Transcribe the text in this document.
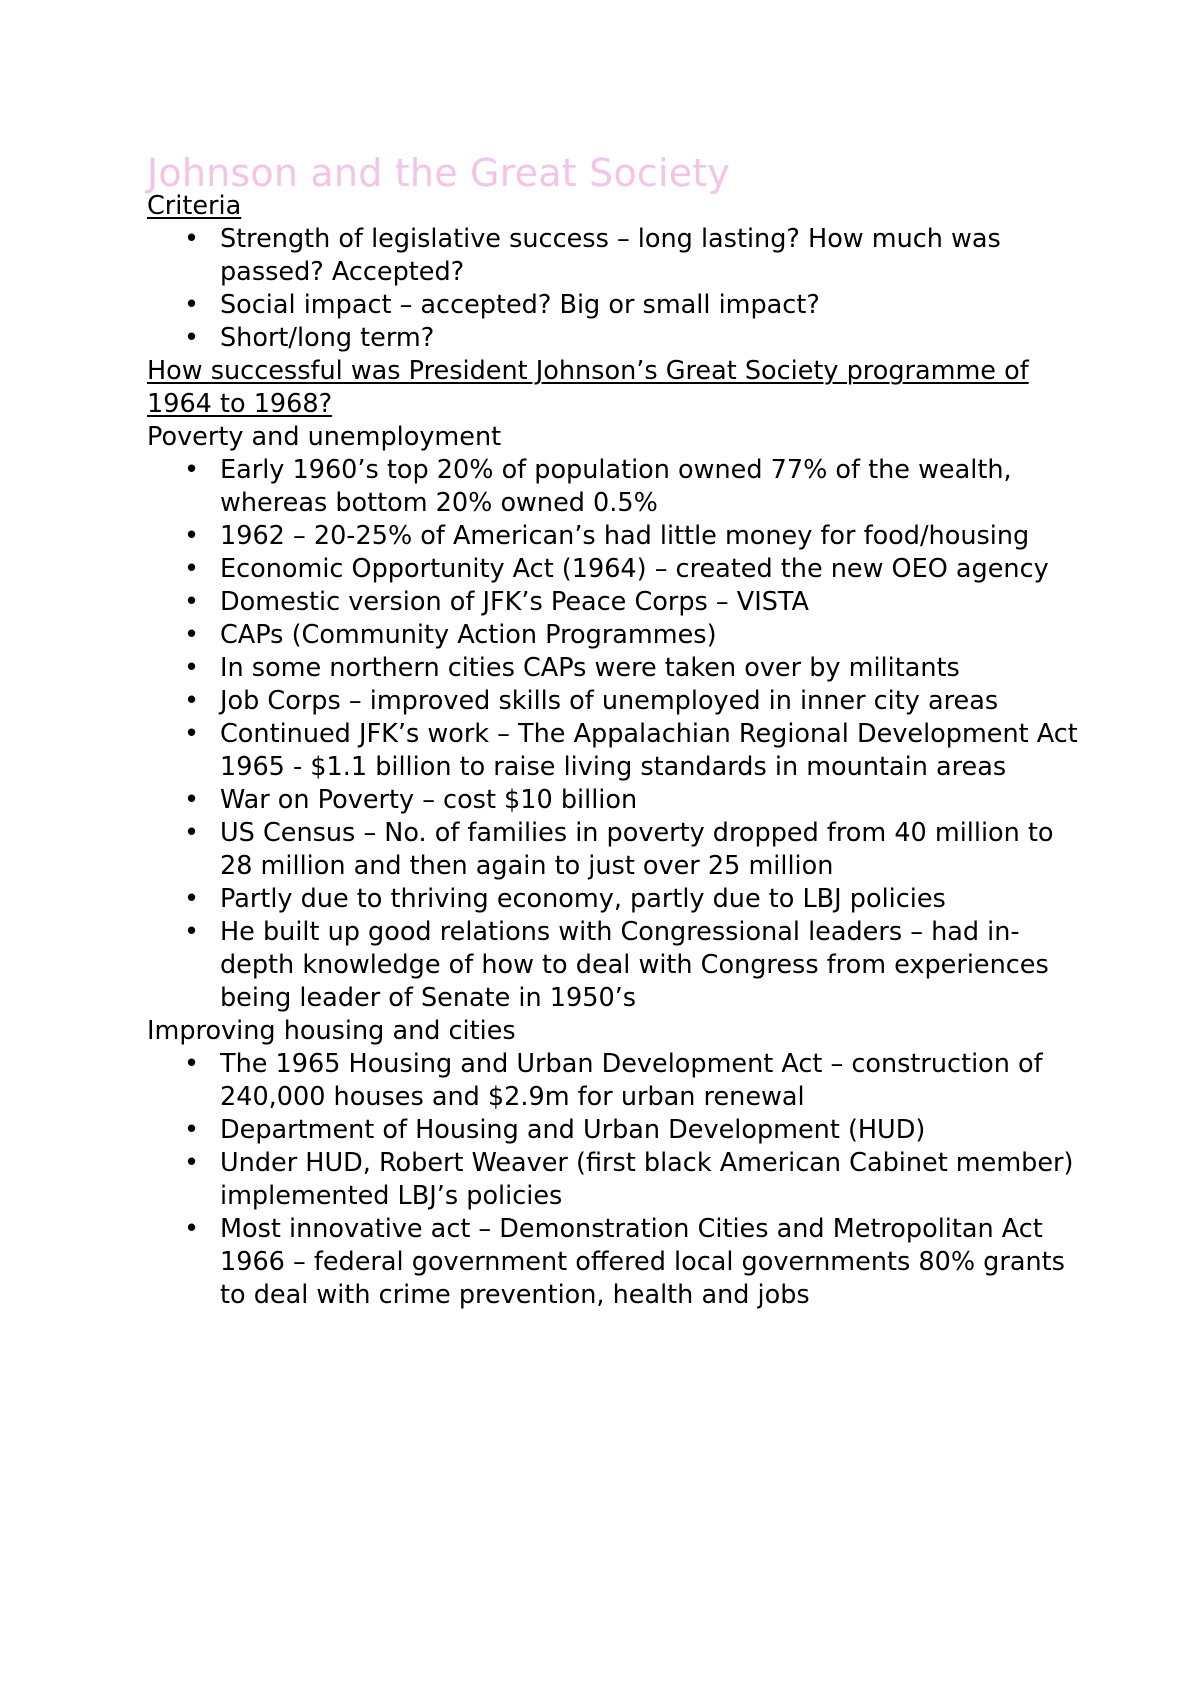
Johnson and the Great Society
Criteria
• Strength of legislative success – long lasting? How much was passed? Accepted?
• Social impact – accepted? Big or small impact?
• Short/long term?
How successful was President Johnson’s Great Society programme of 1964 to 1968?
Poverty and unemployment
• Early 1960’s top 20% of population owned 77% of the wealth, whereas bottom 20% owned 0.5%
• 1962 – 20-25% of American’s had little money for food/housing
• Economic Opportunity Act (1964) – created the new OEO agency
• Domestic version of JFK’s Peace Corps – VISTA
• CAPs (Community Action Programmes)
• In some northern cities CAPs were taken over by militants
• Job Corps – improved skills of unemployed in inner city areas
• Continued JFK’s work – The Appalachian Regional Development Act 1965 - $1.1 billion to raise living standards in mountain areas
• War on Poverty – cost $10 billion
• US Census – No. of families in poverty dropped from 40 million to 28 million and then again to just over 25 million
• Partly due to thriving economy, partly due to LBJ policies
• He built up good relations with Congressional leaders – had in-depth knowledge of how to deal with Congress from experiences being leader of Senate in 1950’s
Improving housing and cities
• The 1965 Housing and Urban Development Act – construction of 240,000 houses and $2.9m for urban renewal
• Department of Housing and Urban Development (HUD)
• Under HUD, Robert Weaver (first black American Cabinet member) implemented LBJ’s policies
• Most innovative act – Demonstration Cities and Metropolitan Act 1966 – federal government offered local governments 80% grants to deal with crime prevention, health and jobs
